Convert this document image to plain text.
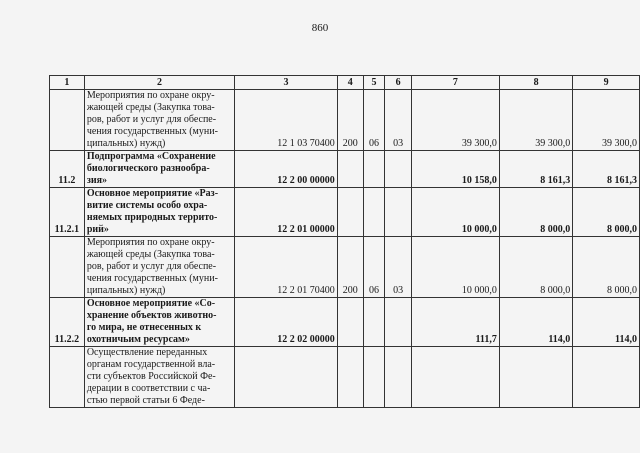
860
1	2	3	4	5	6	7	8	9

	Мероприятия по охране окру-
жающей среды (Закупка това-
ров, работ и услуг для обеспе-
чения государственных (муни-
ципальных) нужд)	12 1 03 70400	200	06	03	39 300,0	39 300,0	39 300,0
11.2	Подпрограмма «Сохранение
биологического разнообра-
зия»	12 2 00 00000				10 158,0	8 161,3	8 161,3
11.2.1	Основное мероприятие «Раз-
витие системы особо охра-
няемых природных террито-
рий»	12 2 01 00000				10 000,0	8 000,0	8 000,0

	Мероприятия по охране окру-
жающей среды (Закупка това-
ров, работ и услуг для обеспе-
чения государственных (муни-
ципальных) нужд)	12 2 01 70400	200	06	03	10 000,0	8 000,0	8 000,0
11.2.2	Основное мероприятие «Со-
хранение объектов животно-
го мира, не отнесенных к
охотничьим ресурсам»	12 2 02 00000				111,7	114,0	114,0

	Осуществление переданных
органам государственной вла-
сти субъектов Российской Фе-
дерации в соответствии с ча-
стью первой статьи 6 Феде-							
